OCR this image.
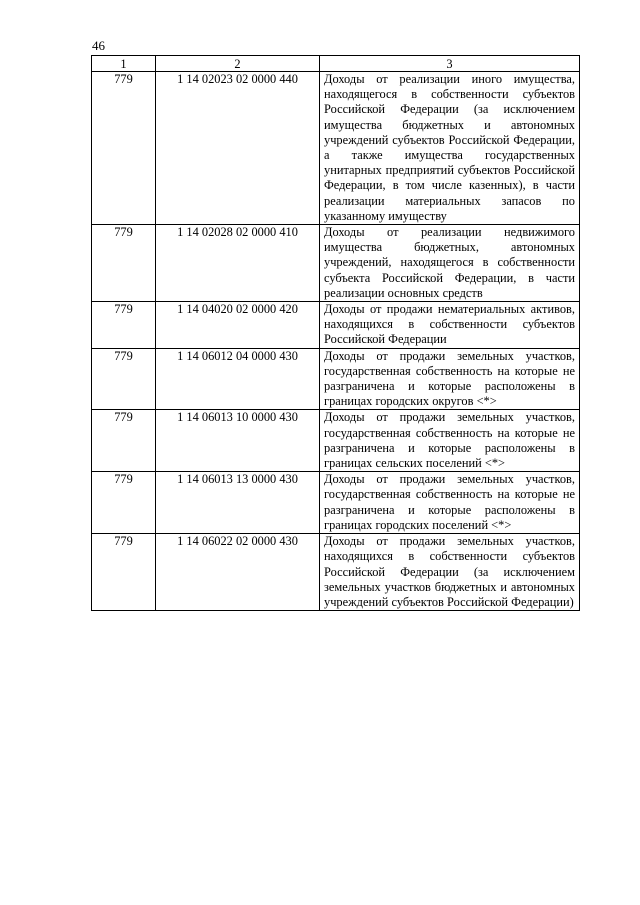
46
1	2	3
779	1 14 02023 02 0000 440	Доходы от реализации иного имущества, находящегося в собственности субъектов Российской Федерации (за исключением имущества бюджетных и автономных учреждений субъектов Российской Федерации, а также имущества государственных унитарных предприятий субъектов Российской Федерации, в том числе казенных), в части реализации материальных запасов по указанному имуществу
779	1 14 02028 02 0000 410	Доходы от реализации недвижимого имущества бюджетных, автономных учреждений, находящегося в собственности субъекта Российской Федерации, в части реализации основных средств
779	1 14 04020 02 0000 420	Доходы от продажи нематериальных активов, находящихся в собственности субъектов Российской Федерации
779	1 14 06012 04 0000 430	Доходы от продажи земельных участков, государственная собственность на которые не разграничена и которые расположены в границах городских округов <*>
779	1 14 06013 10 0000 430	Доходы от продажи земельных участков, государственная собственность на которые не разграничена и которые расположены в границах сельских поселений <*>
779	1 14 06013 13 0000 430	Доходы от продажи земельных участков, государственная собственность на которые не разграничена и которые расположены в границах городских поселений <*>
779	1 14 06022 02 0000 430	Доходы от продажи земельных участков, находящихся в собственности субъектов Российской Федерации (за исключением земельных участков бюджетных и автономных учреждений субъектов Российской Федерации)
